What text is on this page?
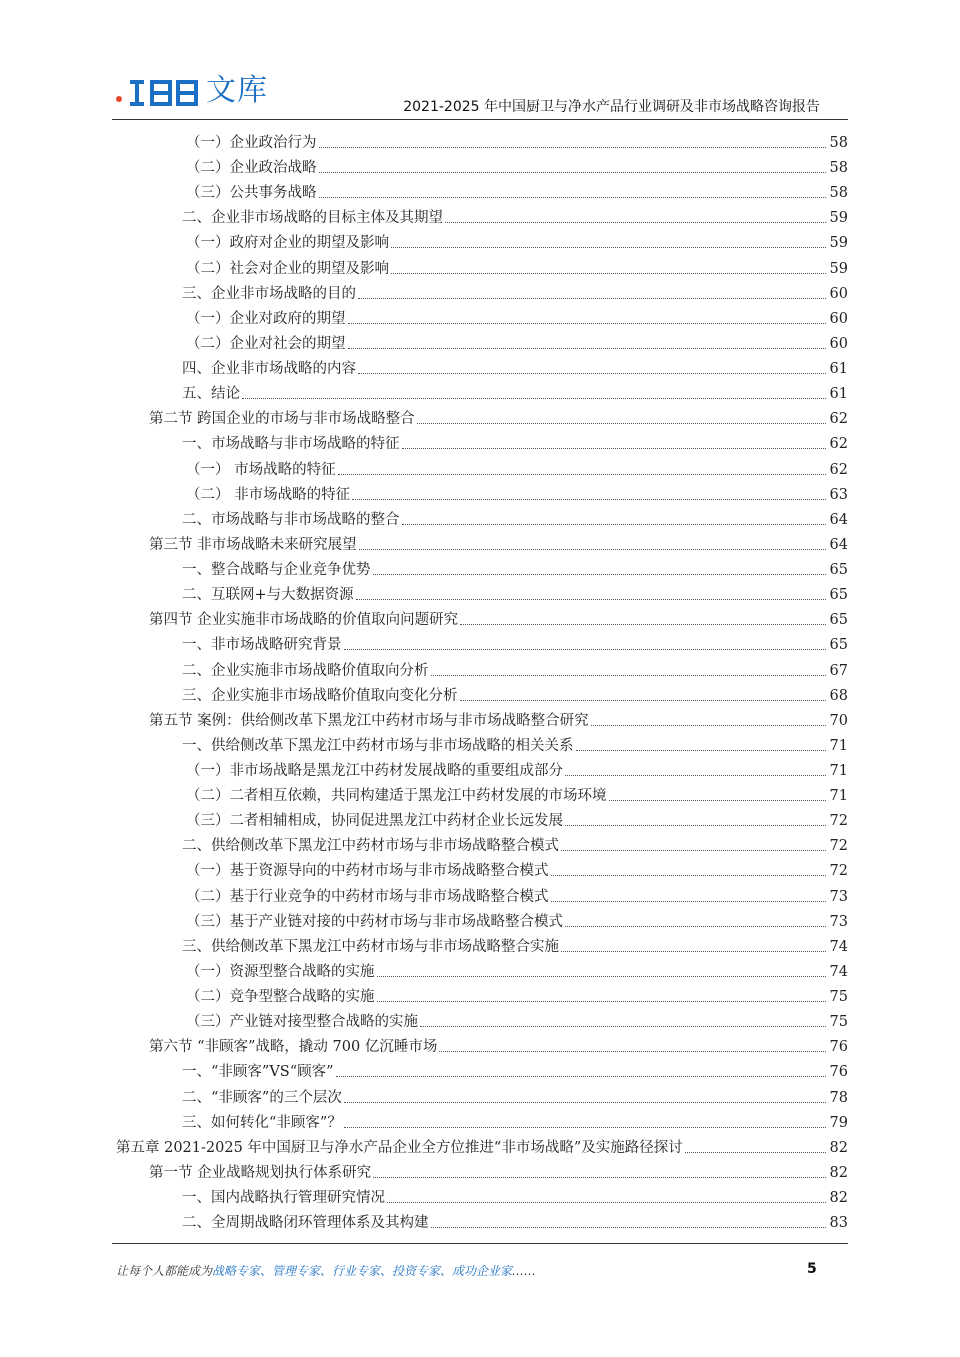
文库	2021-2025 年中国厨卫与净水产品行业调研及非市场战略咨询报告
（一）企业政治行为	58
（二）企业政治战略	58
（三）公共事务战略	58
二、企业非市场战略的目标主体及其期望	59
（一）政府对企业的期望及影响	59
（二）社会对企业的期望及影响	59
三、企业非市场战略的目的	60
（一）企业对政府的期望	60
（二）企业对社会的期望	60
四、企业非市场战略的内容	61
五、结论	61
第二节 跨国企业的市场与非市场战略整合	62
一、市场战略与非市场战略的特征	62
（一） 市场战略的特征	62
（二） 非市场战略的特征	63
二、市场战略与非市场战略的整合	64
第三节 非市场战略未来研究展望	64
一、整合战略与企业竞争优势	65
二、互联网+与大数据资源	65
第四节 企业实施非市场战略的价值取向问题研究	65
一、非市场战略研究背景	65
二、企业实施非市场战略价值取向分析	67
三、企业实施非市场战略价值取向变化分析	68
第五节 案例：供给侧改革下黑龙江中药材市场与非市场战略整合研究	70
一、供给侧改革下黑龙江中药材市场与非市场战略的相关关系	71
（一）非市场战略是黑龙江中药材发展战略的重要组成部分	71
（二）二者相互依赖，共同构建适于黑龙江中药材发展的市场环境	71
（三）二者相辅相成，协同促进黑龙江中药材企业长远发展	72
二、供给侧改革下黑龙江中药材市场与非市场战略整合模式	72
（一）基于资源导向的中药材市场与非市场战略整合模式	72
（二）基于行业竞争的中药材市场与非市场战略整合模式	73
（三）基于产业链对接的中药材市场与非市场战略整合模式	73
三、供给侧改革下黑龙江中药材市场与非市场战略整合实施	74
（一）资源型整合战略的实施	74
（二）竞争型整合战略的实施	75
（三）产业链对接型整合战略的实施	75
第六节 “非顾客”战略，撬动 700 亿沉睡市场	76
一、“非顾客”VS“顾客”	76
二、“非顾客”的三个层次	78
三、如何转化“非顾客”？	79
第五章 2021-2025 年中国厨卫与净水产品企业全方位推进“非市场战略”及实施路径探讨	82
第一节 企业战略规划执行体系研究	82
一、国内战略执行管理研究情况	82
二、全周期战略闭环管理体系及其构建	83
让每个人都能成为战略专家、管理专家、行业专家、投资专家、成功企业家……	5
